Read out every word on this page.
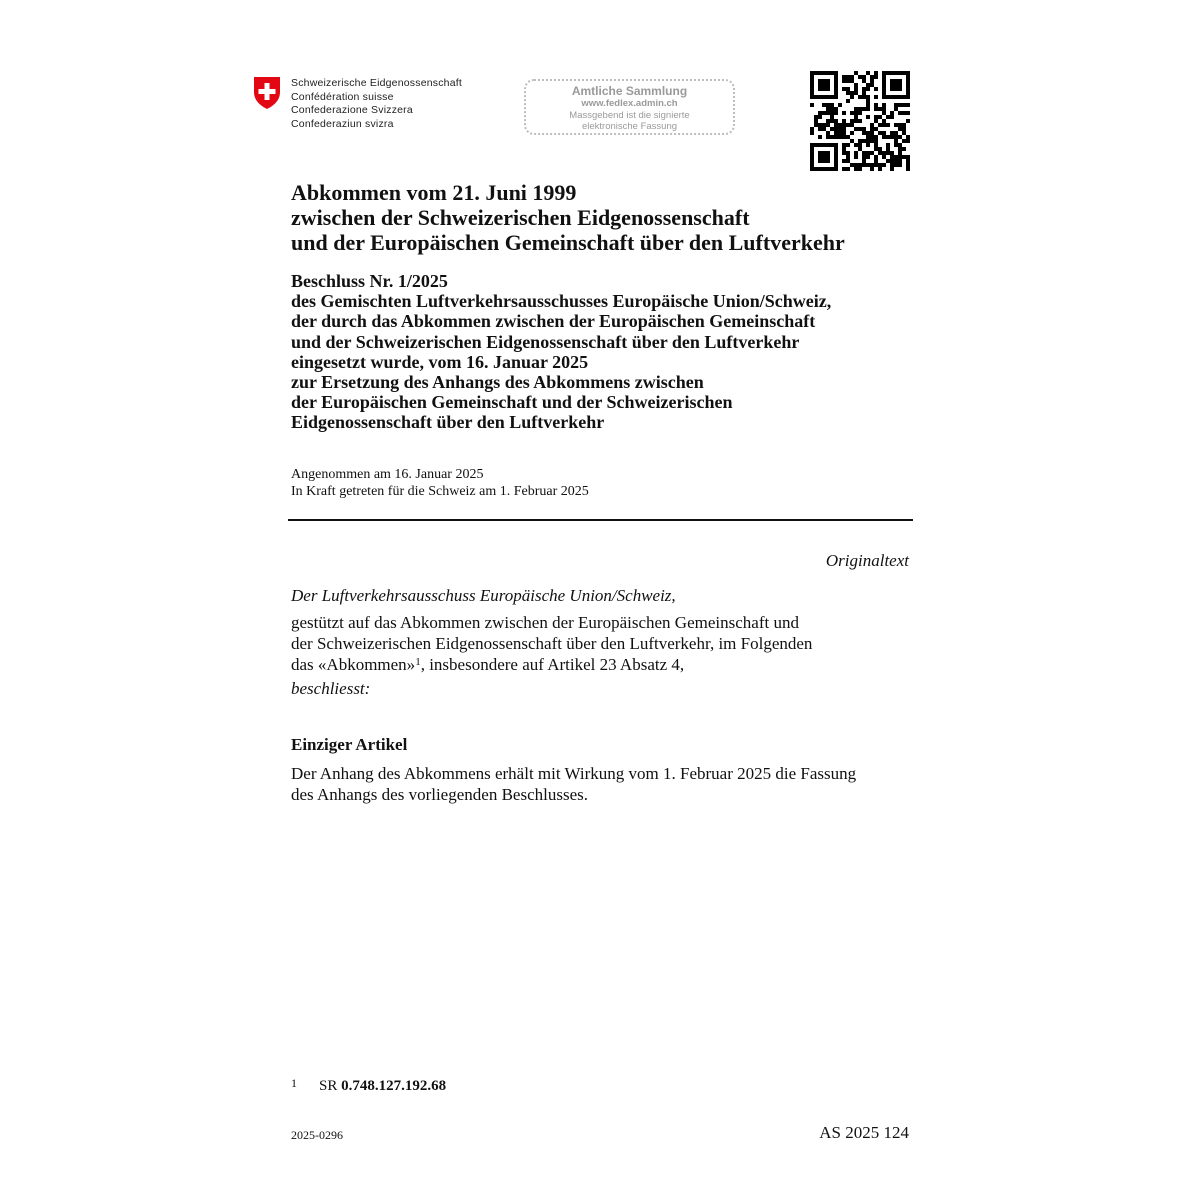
Schweizerische Eidgenossenschaft
Confédération suisse
Confederazione Svizzera
Confederaziun svizra
Amtliche Sammlung
www.fedlex.admin.ch
Massgebend ist die signierte
elektronische Fassung
Abkommen vom 21. Juni 1999
zwischen der Schweizerischen Eidgenossenschaft
und der Europäischen Gemeinschaft über den Luftverkehr
Beschluss Nr. 1/2025
des Gemischten Luftverkehrsausschusses Europäische Union/Schweiz,
der durch das Abkommen zwischen der Europäischen Gemeinschaft
und der Schweizerischen Eidgenossenschaft über den Luftverkehr
eingesetzt wurde, vom 16. Januar 2025
zur Ersetzung des Anhangs des Abkommens zwischen
der Europäischen Gemeinschaft und der Schweizerischen
Eidgenossenschaft über den Luftverkehr
Angenommen am 16. Januar 2025
In Kraft getreten für die Schweiz am 1. Februar 2025
Originaltext
Der Luftverkehrsausschuss Europäische Union/Schweiz,
gestützt auf das Abkommen zwischen der Europäischen Gemeinschaft und
der Schweizerischen Eidgenossenschaft über den Luftverkehr, im Folgenden
das «Abkommen»$^1$, insbesondere auf Artikel 23 Absatz 4,
beschliesst:
Einziger Artikel
Der Anhang des Abkommens erhält mit Wirkung vom 1. Februar 2025 die Fassung
des Anhangs des vorliegenden Beschlusses.
$^1$ SR 0.748.127.192.68
2025-0296	AS 2025 124
